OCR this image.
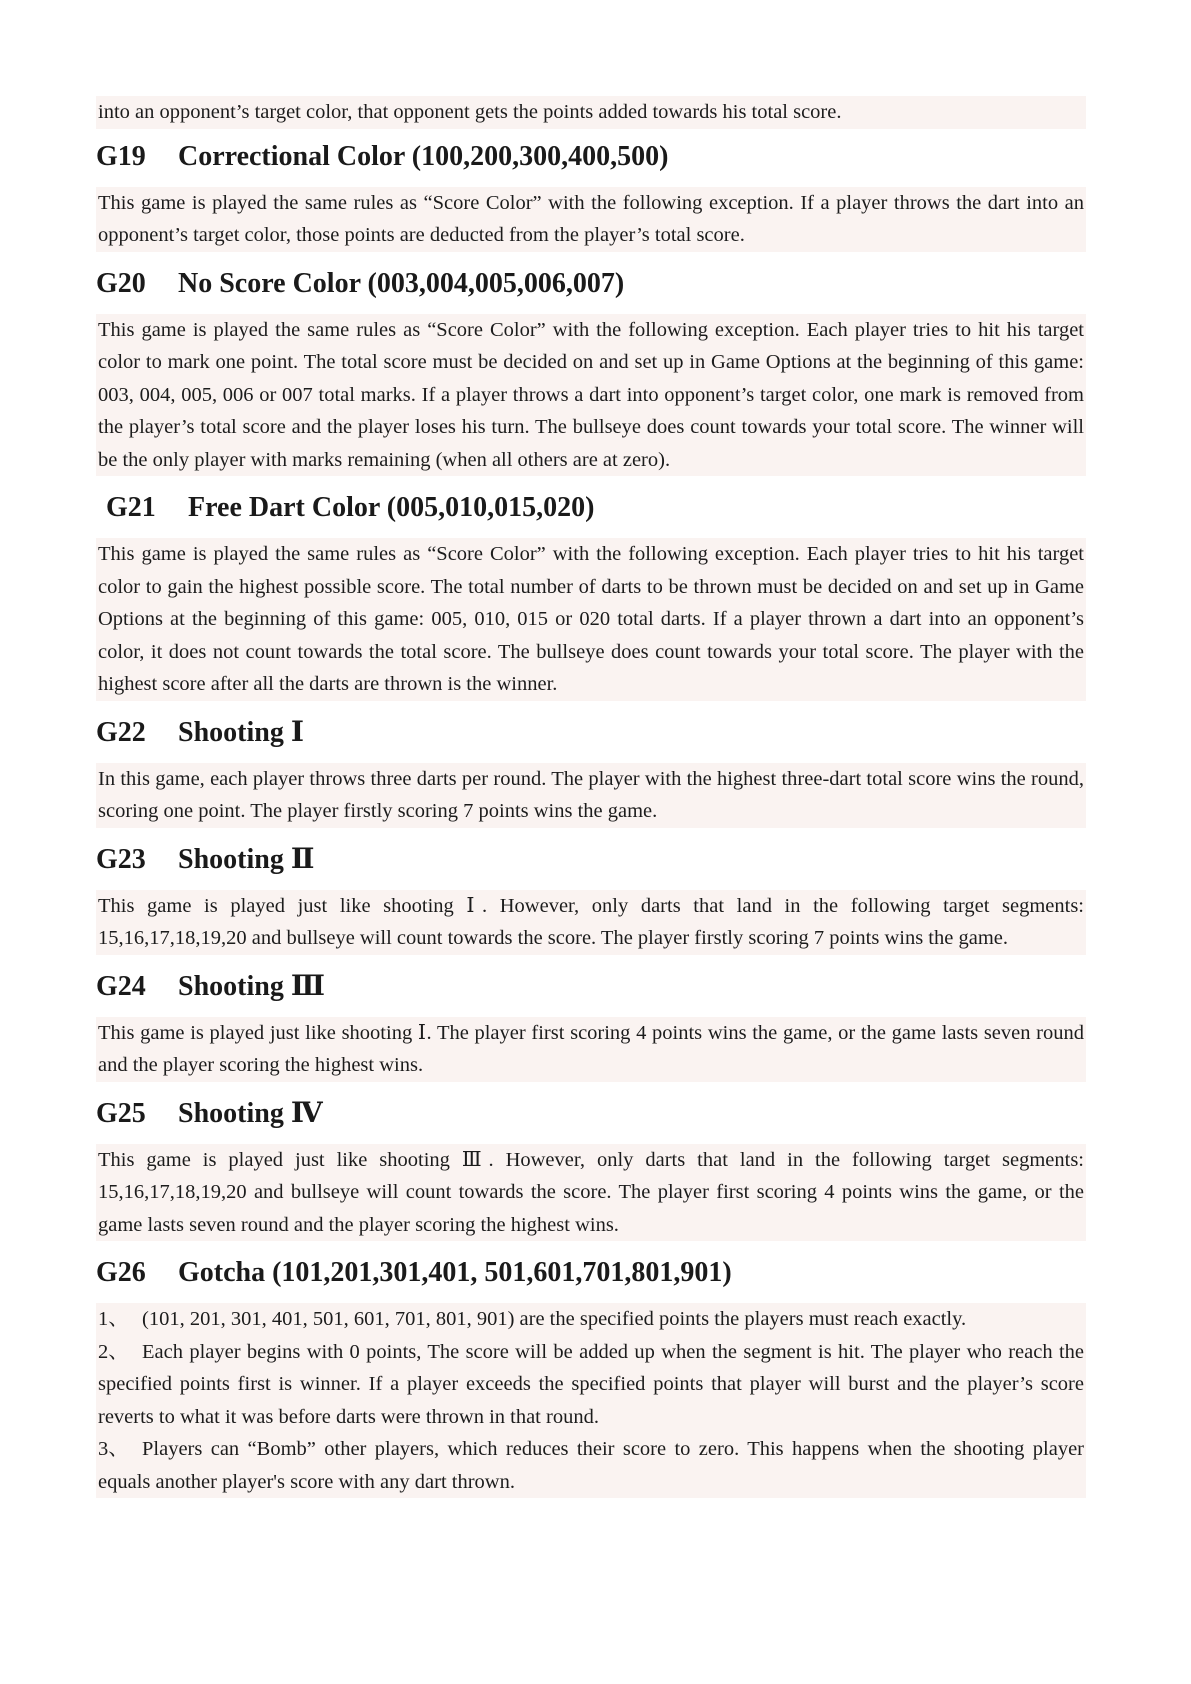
into an opponent’s target color, that opponent gets the points added towards his total score.

G19	Correctional Color (100,200,300,400,500)

This game is played the same rules as “Score Color” with the following exception. If a player throws the dart into an opponent’s target color, those points are deducted from the player’s total score.

G20	No Score Color (003,004,005,006,007)

This game is played the same rules as “Score Color” with the following exception. Each player tries to hit his target color to mark one point. The total score must be decided on and set up in Game Options at the beginning of this game: 003, 004, 005, 006 or 007 total marks. If a player throws a dart into opponent’s target color, one mark is removed from the player’s total score and the player loses his turn. The bullseye does count towards your total score. The winner will be the only player with marks remaining (when all others are at zero).

G21	Free Dart Color (005,010,015,020)

This game is played the same rules as “Score Color” with the following exception. Each player tries to hit his target color to gain the highest possible score. The total number of darts to be thrown must be decided on and set up in Game Options at the beginning of this game: 005, 010, 015 or 020 total darts. If a player thrown a dart into an opponent’s color, it does not count towards the total score. The bullseye does count towards your total score. The player with the highest score after all the darts are thrown is the winner.

G22	Shooting Ⅰ

In this game, each player throws three darts per round. The player with the highest three-dart total score wins the round, scoring one point. The player firstly scoring 7 points wins the game.

G23	Shooting Ⅱ

This game is played just like shooting Ⅰ. However, only darts that land in the following target segments: 15,16,17,18,19,20 and bullseye will count towards the score. The player firstly scoring 7 points wins the game.

G24	Shooting Ⅲ

This game is played just like shooting Ⅰ. The player first scoring 4 points wins the game, or the game lasts seven round and the player scoring the highest wins.

G25	Shooting Ⅳ

This game is played just like shooting Ⅲ. However, only darts that land in the following target segments: 15,16,17,18,19,20 and bullseye will count towards the score. The player first scoring 4 points wins the game, or the game lasts seven round and the player scoring the highest wins.

G26	Gotcha (101,201,301,401, 501,601,701,801,901)

1、 (101, 201, 301, 401, 501, 601, 701, 801, 901) are the specified points the players must reach exactly.

2、 Each player begins with 0 points, The score will be added up when the segment is hit. The player who reach the specified points first is winner. If a player exceeds the specified points that player will burst and the player’s score reverts to what it was before darts were thrown in that round.

3、 Players can “Bomb” other players, which reduces their score to zero. This happens when the shooting player equals another player's score with any dart thrown.
